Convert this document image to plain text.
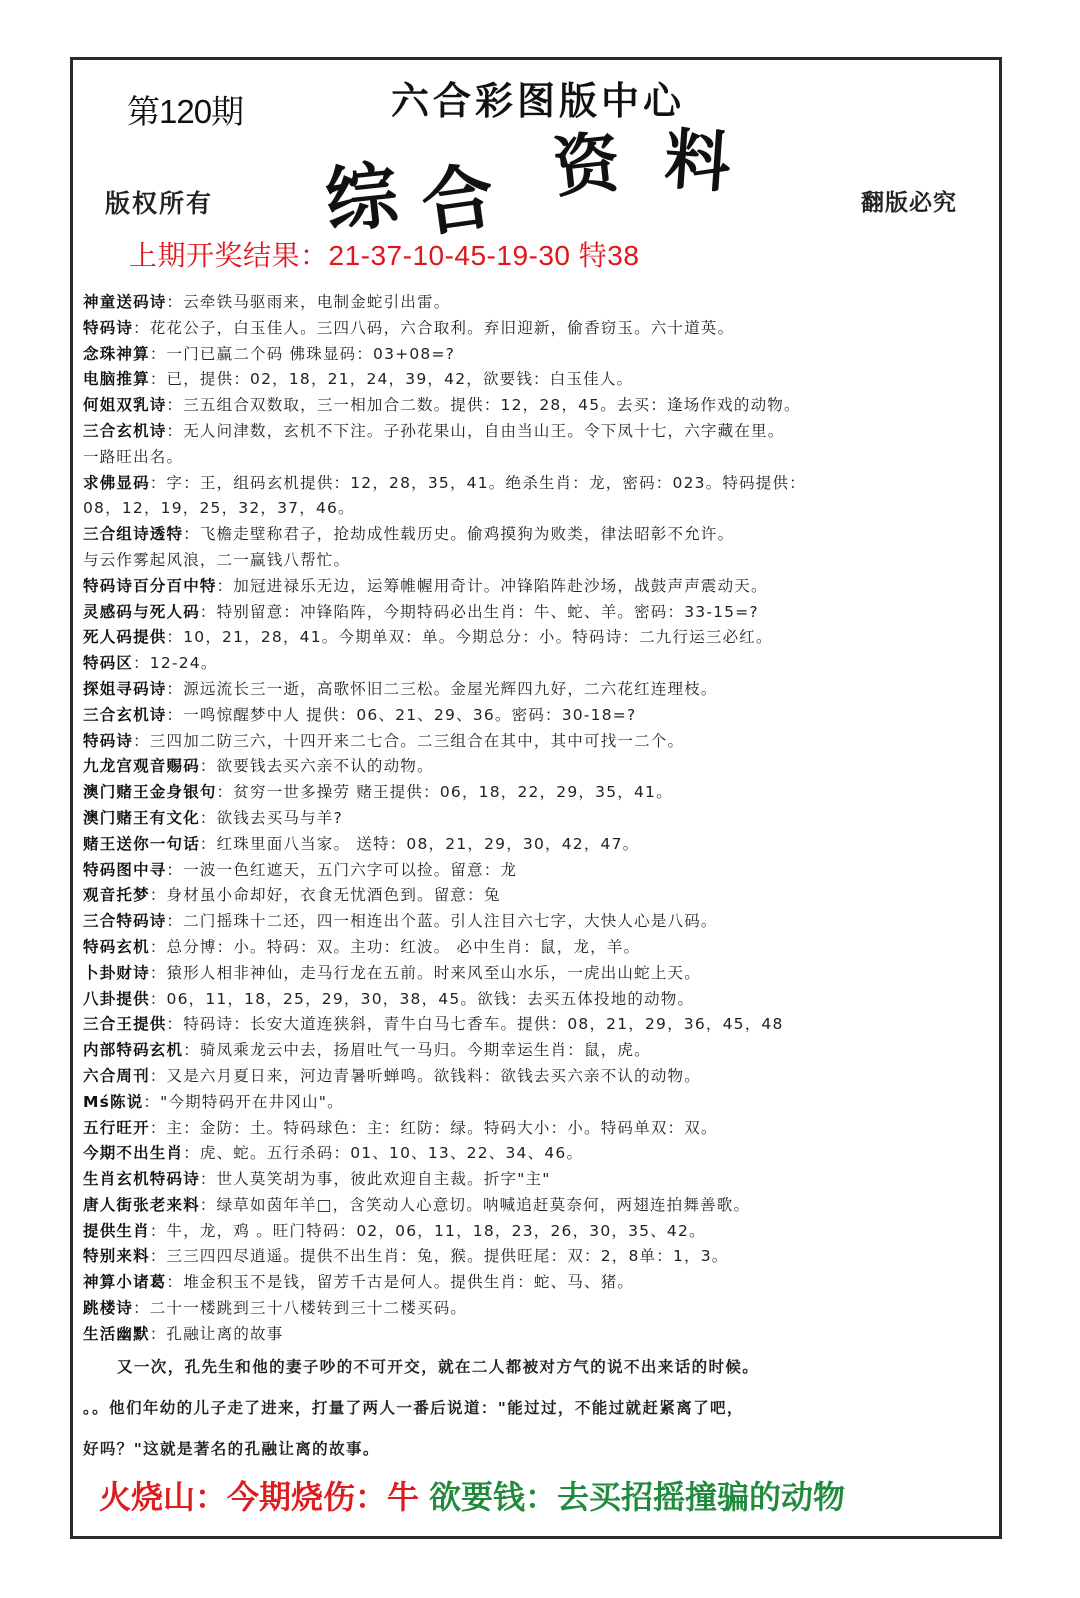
第120期	六合彩图版中心
综 合 资 料
版权所有	翻版必究
上期开奖结果：21-37-10-45-19-30 特38
神童送码诗：云牵铁马驱雨来，电制金蛇引出雷。
特码诗：花花公子，白玉佳人。三四八码，六合取利。弃旧迎新，偷香窃玉。六十道英。
念珠神算：一门已赢二个码 佛珠显码：03+08=?
电脑推算：已，提供：02，18，21，24，39，42，欲要钱：白玉佳人。
何姐双乳诗：三五组合双数取，三一相加合二数。提供：12，28，45。去买：逢场作戏的动物。
三合玄机诗：无人问津数，玄机不下注。子孙花果山，自由当山王。令下凤十七，六字藏在里。
一路旺出名。
求佛显码：字：王，组码玄机提供：12，28，35，41。绝杀生肖：龙，密码：023。特码提供：
08，12，19，25，32，37，46。
三合组诗透特：飞檐走壁称君子，抢劫成性载历史。偷鸡摸狗为败类，律法昭彰不允许。
与云作雾起风浪，二一赢钱八帮忙。
特码诗百分百中特：加冠进禄乐无边，运筹帷幄用奇计。冲锋陷阵赴沙场，战鼓声声震动天。
灵感码与死人码：特别留意：冲锋陷阵，今期特码必出生肖：牛、蛇、羊。密码：33-15=?
死人码提供：10，21，28，41。今期单双：单。今期总分：小。特码诗：二九行运三必红。
特码区：12-24。
探姐寻码诗：源远流长三一逝，高歌怀旧二三松。金屋光辉四九好，二六花红连理枝。
三合玄机诗：一鸣惊醒梦中人 提供：06、21、29、36。密码：30-18=?
特码诗：三四加二防三六，十四开来二七合。二三组合在其中，其中可找一二个。
九龙宫观音赐码：欲要钱去买六亲不认的动物。
澳门赌王金身银句：贫穷一世多操劳 赌王提供：06，18，22，29，35，41。
澳门赌王有文化：欲钱去买马与羊?
赌王送你一句话：红珠里面八当家。 送特：08，21，29，30，42，47。
特码图中寻：一波一色红遮天，五门六字可以捡。留意：龙
观音托梦：身材虽小命却好，衣食无忧酒色到。留意：兔
三合特码诗：二门摇珠十二还，四一相连出个蓝。引人注目六七字，大快人心是八码。
特码玄机：总分博：小。特码：双。主功：红波。 必中生肖：鼠，龙，羊。
卜卦财诗：猿形人相非神仙，走马行龙在五前。时来风至山水乐，一虎出山蛇上天。
八卦提供：06，11，18，25，29，30，38，45。欲钱：去买五体投地的动物。
三合王提供：特码诗：长安大道连狭斜，青牛白马七香车。提供：08，21，29，36，45，48
内部特码玄机：骑凤乘龙云中去，扬眉吐气一马归。今期幸运生肖：鼠，虎。
六合周刊：又是六月夏日来，河边青暑听蝉鸣。欲钱料：欲钱去买六亲不认的动物。
Mś陈说："今期特码开在井冈山"。
五行旺开：主：金防：土。特码球色：主：红防：绿。特码大小：小。特码单双：双。
今期不出生肖：虎、蛇。五行杀码：01、10、13、22、34、46。
生肖玄机特码诗：世人莫笑胡为事，彼此欢迎自主裁。折字"主"
唐人街张老来料：绿草如茵年羊□，含笑动人心意切。呐喊追赶莫奈何，两翅连拍舞善歌。
提供生肖：牛，龙，鸡 。旺门特码：02，06，11，18，23，26，30，35、42。
特别来料：三三四四尽逍遥。提供不出生肖：兔，猴。提供旺尾：双：2，8单：1，3。
神算小诸葛：堆金积玉不是钱，留芳千古是何人。提供生肖：蛇、马、猪。
跳楼诗：二十一楼跳到三十八楼转到三十二楼买码。
生活幽默：孔融让离的故事

又一次，孔先生和他的妻子吵的不可开交，就在二人都被对方气的说不出来话的时候。

。。他们年幼的儿子走了进来，打量了两人一番后说道："能过过，不能过就赶紧离了吧，

好吗？"这就是著名的孔融让离的故事。

火烧山：今期烧伤：牛 欲要钱：去买招摇撞骗的动物
